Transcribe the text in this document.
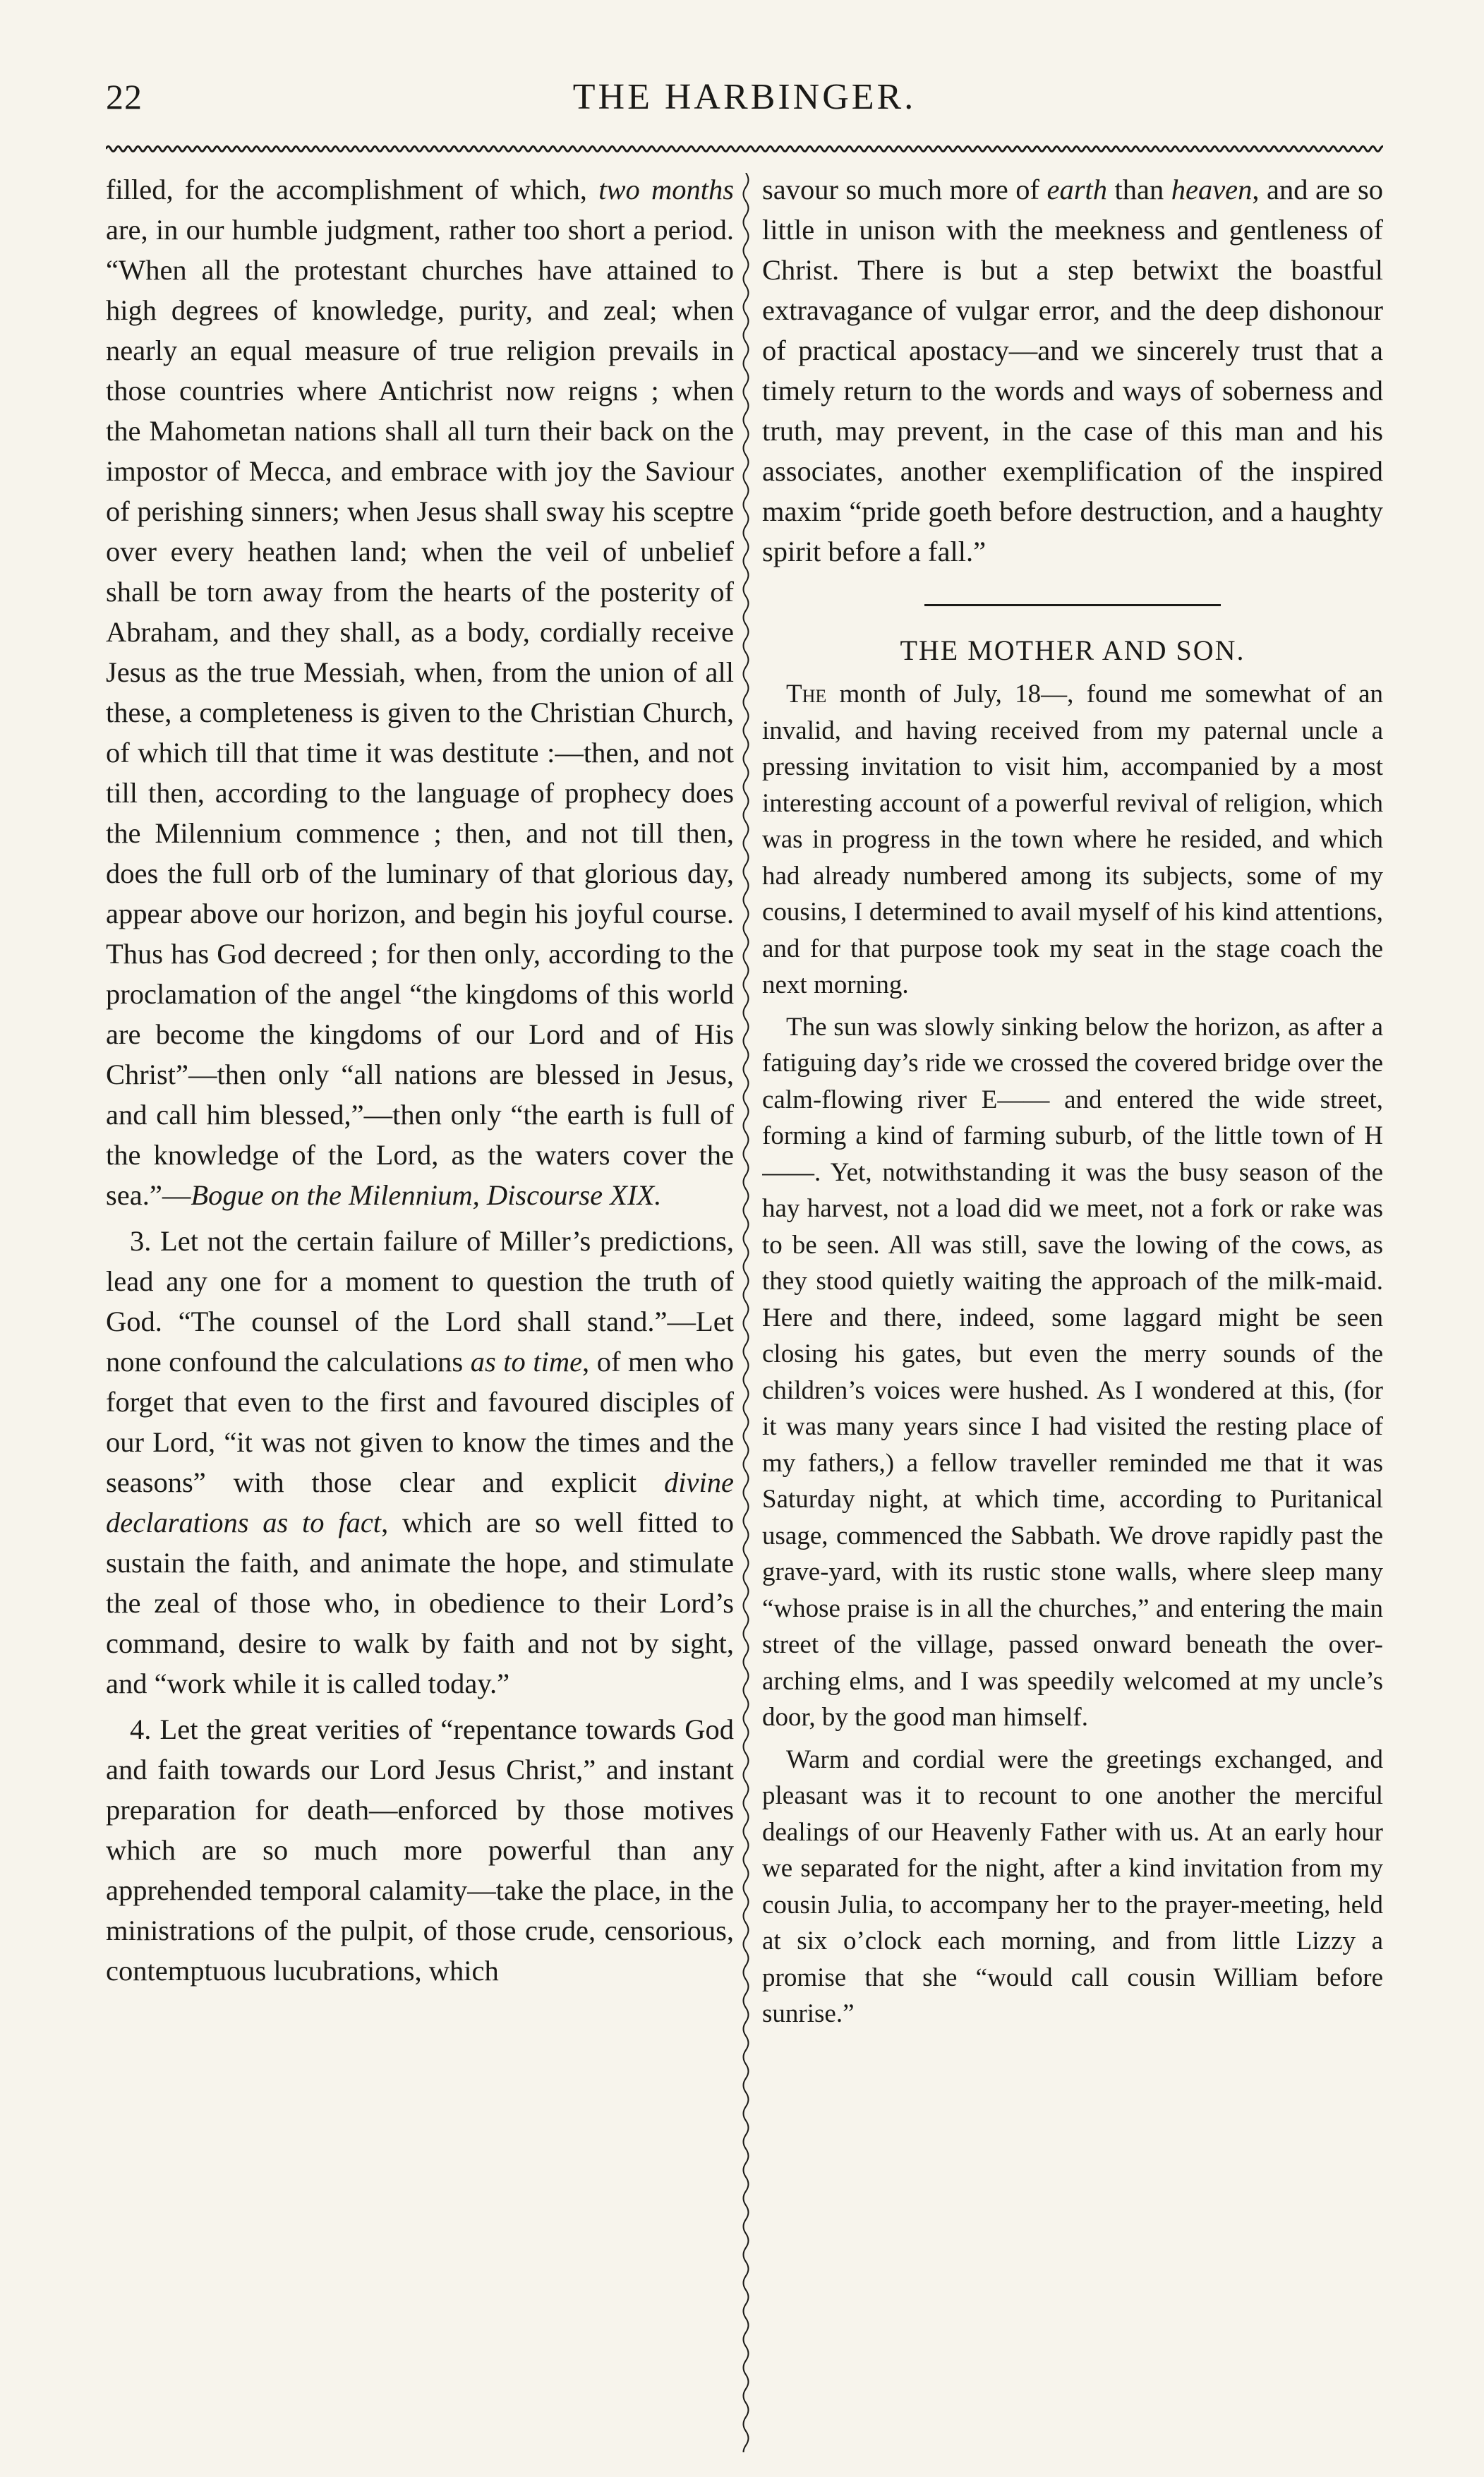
22	THE HARBINGER.

filled, for the accomplishment of which, two months are, in our humble judgment, rather too short a period. “When all the protestant churches have attained to high degrees of knowledge, purity, and zeal; when nearly an equal measure of true religion prevails in those countries where Antichrist now reigns ; when the Mahometan nations shall all turn their back on the impostor of Mecca, and embrace with joy the Saviour of perishing sinners; when Jesus shall sway his sceptre over every heathen land; when the veil of unbelief shall be torn away from the hearts of the posterity of Abraham, and they shall, as a body, cordially receive Jesus as the true Messiah, when, from the union of all these, a completeness is given to the Christian Church, of which till that time it was destitute :—then, and not till then, according to the language of prophecy does the Milennium commence ; then, and not till then, does the full orb of the luminary of that glorious day, appear above our horizon, and begin his joyful course. Thus has God decreed ; for then only, according to the proclamation of the angel “the kingdoms of this world are become the kingdoms of our Lord and of His Christ”—then only “all nations are blessed in Jesus, and call him blessed,”—then only “the earth is full of the knowledge of the Lord, as the waters cover the sea.”—Bogue on the Milennium, Discourse XIX.

3. Let not the certain failure of Miller’s predictions, lead any one for a moment to question the truth of God. “The counsel of the Lord shall stand.”—Let none confound the calculations as to time, of men who forget that even to the first and favoured disciples of our Lord, “it was not given to know the times and the seasons” with those clear and explicit divine declarations as to fact, which are so well fitted to sustain the faith, and animate the hope, and stimulate the zeal of those who, in obedience to their Lord’s command, desire to walk by faith and not by sight, and “work while it is called today.”

4. Let the great verities of “repentance towards God and faith towards our Lord Jesus Christ,” and instant preparation for death—enforced by those motives which are so much more powerful than any apprehended temporal calamity—take the place, in the ministrations of the pulpit, of those crude, censorious, contemptuous lucubrations, which

savour so much more of earth than heaven, and are so little in unison with the meekness and gentleness of Christ. There is but a step betwixt the boastful extravagance of vulgar error, and the deep dishonour of practical apostacy—and we sincerely trust that a timely return to the words and ways of soberness and truth, may prevent, in the case of this man and his associates, another exemplification of the inspired maxim “pride goeth before destruction, and a haughty spirit before a fall.”

THE MOTHER AND SON.

The month of July, 18—, found me somewhat of an invalid, and having received from my paternal uncle a pressing invitation to visit him, accompanied by a most interesting account of a powerful revival of religion, which was in progress in the town where he resided, and which had already numbered among its subjects, some of my cousins, I determined to avail myself of his kind attentions, and for that purpose took my seat in the stage coach the next morning.

The sun was slowly sinking below the horizon, as after a fatiguing day’s ride we crossed the covered bridge over the calm-flowing river E—— and entered the wide street, forming a kind of farming suburb, of the little town of H——. Yet, notwithstanding it was the busy season of the hay harvest, not a load did we meet, not a fork or rake was to be seen. All was still, save the lowing of the cows, as they stood quietly waiting the approach of the milk-maid. Here and there, indeed, some laggard might be seen closing his gates, but even the merry sounds of the children’s voices were hushed. As I wondered at this, (for it was many years since I had visited the resting place of my fathers,) a fellow traveller reminded me that it was Saturday night, at which time, according to Puritanical usage, commenced the Sabbath. We drove rapidly past the grave-yard, with its rustic stone walls, where sleep many “whose praise is in all the churches,” and entering the main street of the village, passed onward beneath the over-arching elms, and I was speedily welcomed at my uncle’s door, by the good man himself.

Warm and cordial were the greetings exchanged, and pleasant was it to recount to one another the merciful dealings of our Heavenly Father with us. At an early hour we separated for the night, after a kind invitation from my cousin Julia, to accompany her to the prayer-meeting, held at six o’clock each morning, and from little Lizzy a promise that she “would call cousin William before sunrise.”
